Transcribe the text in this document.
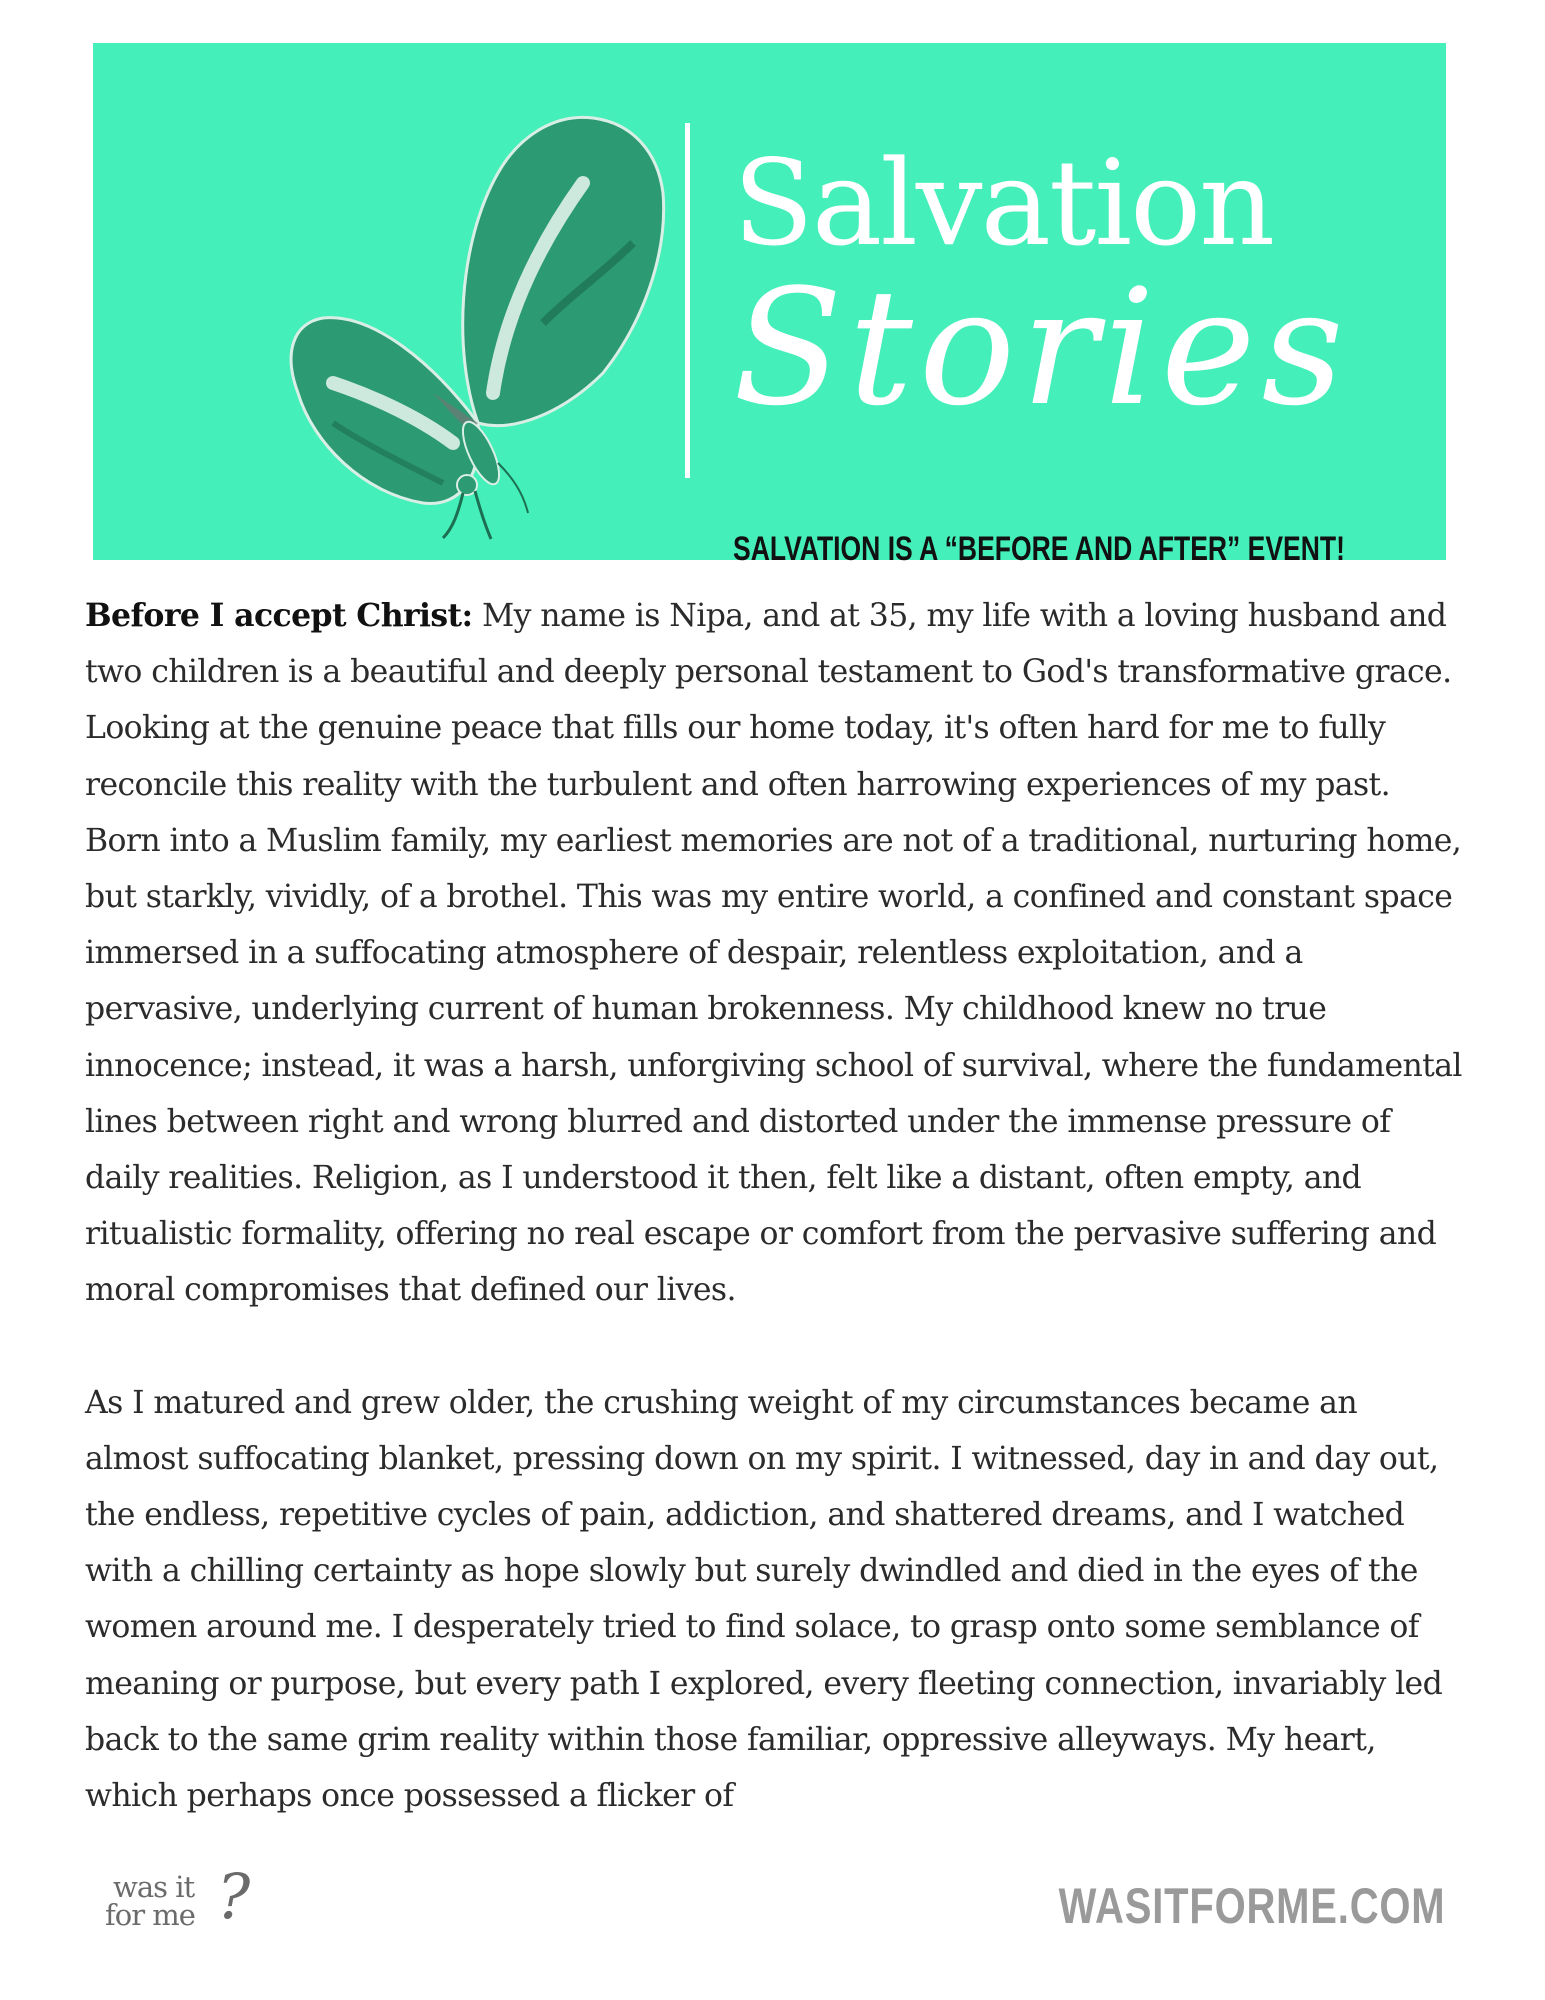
Salvation
Stories
SALVATION IS A “BEFORE AND AFTER” EVENT!

Before I accept Christ: My name is Nipa, and at 35, my life with a loving husband and two children is a beautiful and deeply personal testament to God's transformative grace. Looking at the genuine peace that fills our home today, it's often hard for me to fully reconcile this reality with the turbulent and often harrowing experiences of my past. Born into a Muslim family, my earliest memories are not of a traditional, nurturing home, but starkly, vividly, of a brothel. This was my entire world, a confined and constant space immersed in a suffocating atmosphere of despair, relentless exploitation, and a pervasive, underlying current of human brokenness. My childhood knew no true innocence; instead, it was a harsh, unforgiving school of survival, where the fundamental lines between right and wrong blurred and distorted under the immense pressure of daily realities. Religion, as I understood it then, felt like a distant, often empty, and ritualistic formality, offering no real escape or comfort from the pervasive suffering and moral compromises that defined our lives.

As I matured and grew older, the crushing weight of my circumstances became an almost suffocating blanket, pressing down on my spirit. I witnessed, day in and day out, the endless, repetitive cycles of pain, addiction, and shattered dreams, and I watched with a chilling certainty as hope slowly but surely dwindled and died in the eyes of the women around me. I desperately tried to find solace, to grasp onto some semblance of meaning or purpose, but every path I explored, every fleeting connection, invariably led back to the same grim reality within those familiar, oppressive alleyways. My heart, which perhaps once possessed a flicker of

was it
for me ?	WASITFORME.COM
